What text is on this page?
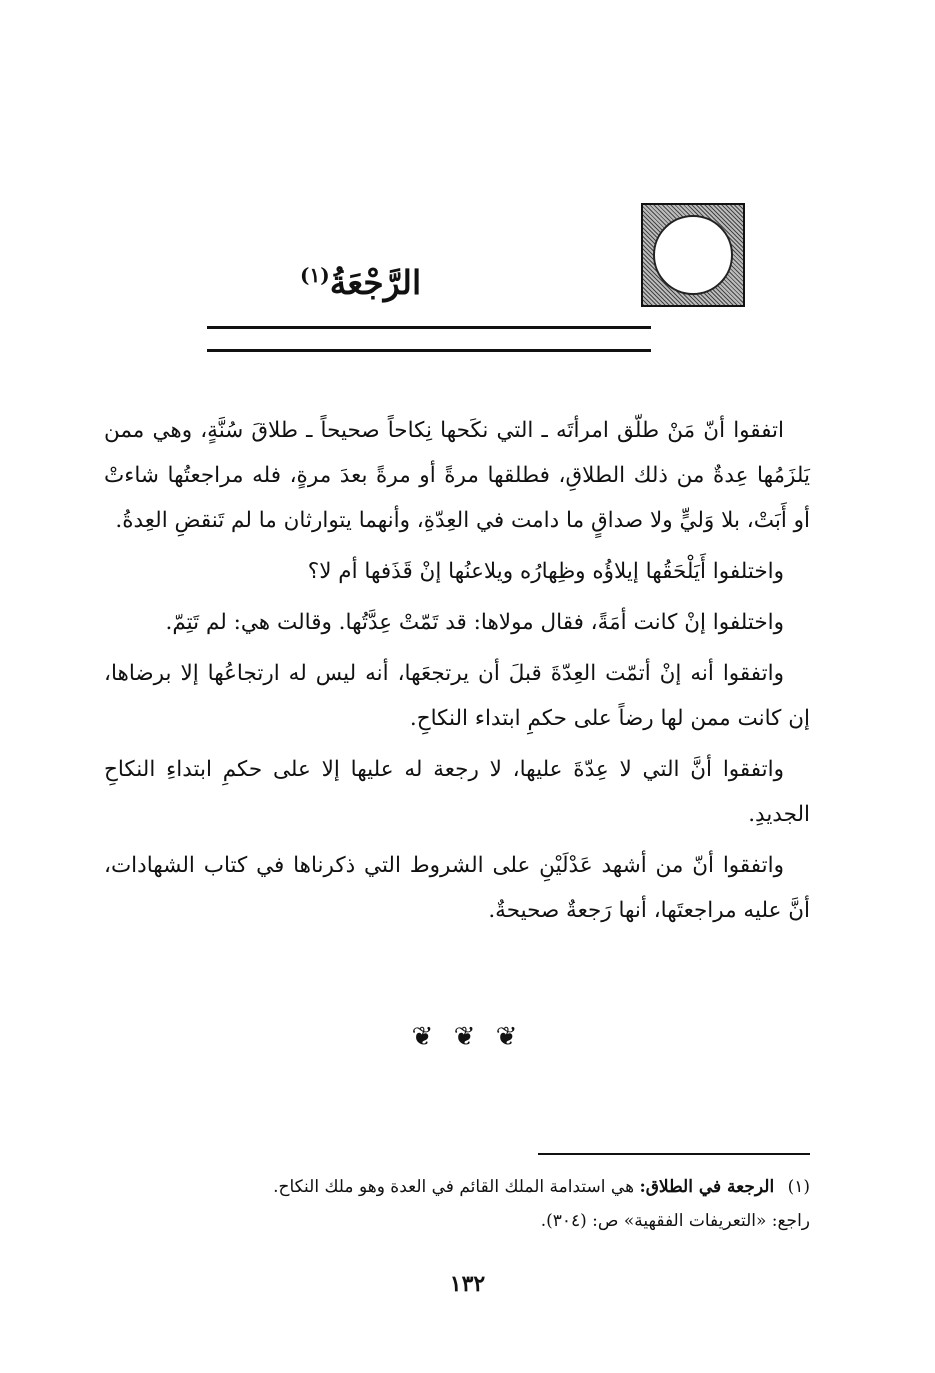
الرَّجْعَةُ$^{(١)}$

اتفقوا أنّ مَنْ طلّق امرأتَه ـ التي نكَحها نِكاحاً صحيحاً ـ طلاقَ سُنَّةٍ، وهي ممن يَلزَمُها عِدةٌ من ذلك الطلاقِ، فطلقها مرةً أو مرةً بعدَ مرةٍ، فله مراجعتُها شاءتْ أو أَبَتْ، بلا وَليٍّ ولا صداقٍ ما دامت في العِدّةِ، وأنهما يتوارثان ما لم تَنقضِ العِدةُ.

واختلفوا أَيَلْحَقُها إيلاؤُه وظِهارُه ويلاعنُها إنْ قَذَفها أم لا؟

واختلفوا إنْ كانت أمَةً، فقال مولاها: قد تَمّتْ عِدَّتُها. وقالت هي: لم تَتِمّ.

واتفقوا أنه إنْ أتمّت العِدّةَ قبلَ أن يرتجعَها، أنه ليس له ارتجاعُها إلا برضاها، إن كانت ممن لها رضاً على حكمِ ابتداء النكاحِ.

واتفقوا أنَّ التي لا عِدّةَ عليها، لا رجعة له عليها إلا على حكمِ ابتداءِ النكاحِ الجديدِ.

واتفقوا أنّ من أشهد عَدْلَيْنِ على الشروط التي ذكرناها في كتاب الشهادات، أنَّ عليه مراجعتَها، أنها رَجعةٌ صحيحةٌ.

❦ ❦ ❦
(١) الرجعة في الطلاق: هي استدامة الملك القائم في العدة وهو ملك النكاح.
راجع: «التعريفات الفقهية» ص: (٣٠٤).
١٣٢
